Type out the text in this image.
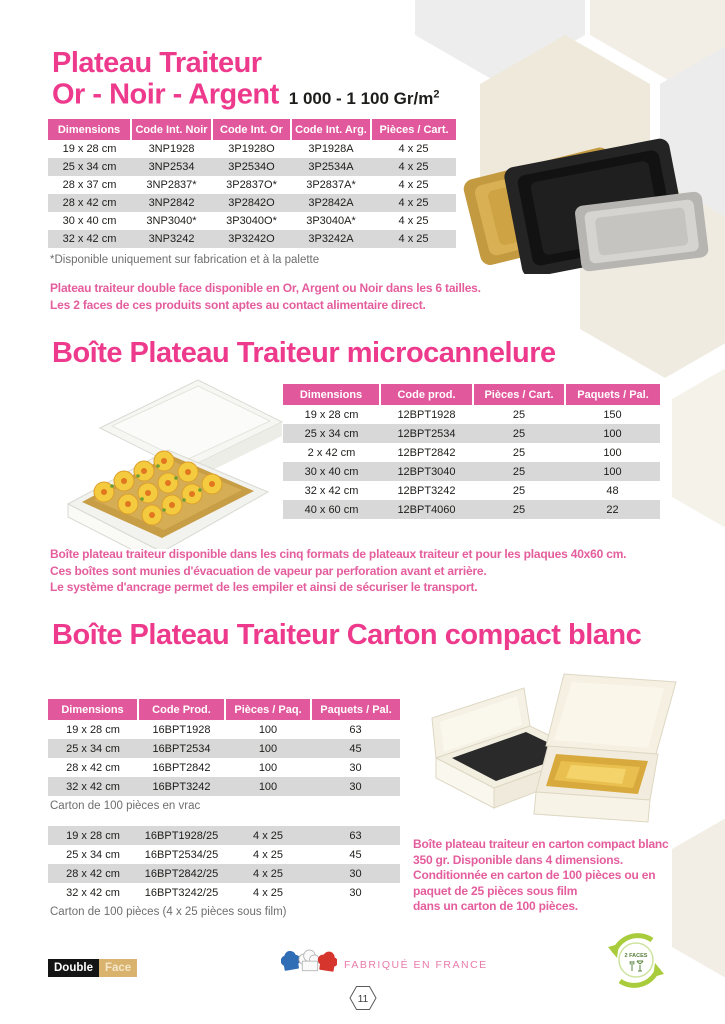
Plateau Traiteur
Or - Noir - Argent 1 000 - 1 100 $Gr/m^2$
Dimensions	Code Int. Noir	Code Int. Or	Code Int. Arg.	Pièces / Cart.
19 x 28 cm	3NP1928	3P1928O	3P1928A	4 x 25
25 x 34 cm	3NP2534	3P2534O	3P2534A	4 x 25
28 x 37 cm	3NP2837*	3P2837O*	3P2837A*	4 x 25
28 x 42 cm	3NP2842	3P2842O	3P2842A	4 x 25
30 x 40 cm	3NP3040*	3P3040O*	3P3040A*	4 x 25
32 x 42 cm	3NP3242	3P3242O	3P3242A	4 x 25
*Disponible uniquement sur fabrication et à la palette
Plateau traiteur double face disponible en Or, Argent ou Noir dans les 6 tailles.
Les 2 faces de ces produits sont aptes au contact alimentaire direct.
Boîte Plateau Traiteur microcannelure
Dimensions	Code prod.	Pièces / Cart.	Paquets / Pal.
19 x 28 cm	12BPT1928	25	150
25 x 34 cm	12BPT2534	25	100
2 x 42 cm	12BPT2842	25	100
30 x 40 cm	12BPT3040	25	100
32 x 42 cm	12BPT3242	25	48
40 x 60 cm	12BPT4060	25	22
Boîte plateau traiteur disponible dans les cinq formats de plateaux traiteur et pour les plaques 40x60 cm.
Ces boîtes sont munies d'évacuation de vapeur par perforation avant et arrière.
Le système d'ancrage permet de les empiler et ainsi de sécuriser le transport.
Boîte Plateau Traiteur Carton compact blanc
Dimensions	Code Prod.	Pièces / Paq.	Paquets / Pal.
19 x 28 cm	16BPT1928	100	63
25 x 34 cm	16BPT2534	100	45
28 x 42 cm	16BPT2842	100	30
32 x 42 cm	16BPT3242	100	30
Carton de 100 pièces en vrac
19 x 28 cm	16BPT1928/25	4 x 25	63
25 x 34 cm	16BPT2534/25	4 x 25	45
28 x 42 cm	16BPT2842/25	4 x 25	30
32 x 42 cm	16BPT3242/25	4 x 25	30
Carton de 100 pièces (4 x 25 pièces sous film)
Boîte plateau traiteur en carton compact blanc
350 gr. Disponible dans 4 dimensions.
Conditionnée en carton de 100 pièces ou en
paquet de 25 pièces sous film
dans un carton de 100 pièces.
2 FACES
Double	Face	FABRIQUÉ EN FRANCE
11
